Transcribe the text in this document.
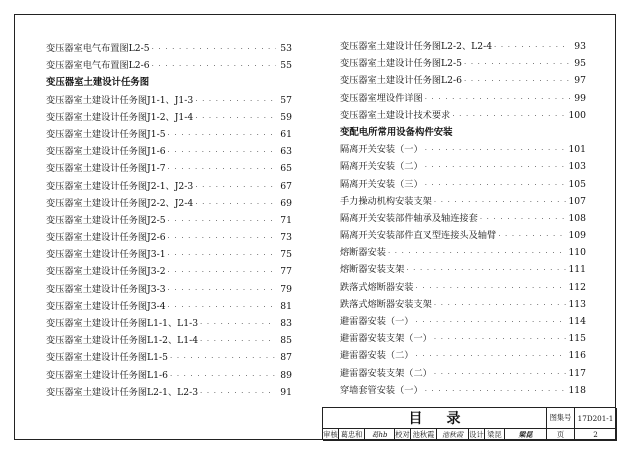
变压器室电气布置图L2-5 · · ·	53
变压器室电气布置图L2-6 · · ·	55
变压器室土建设计任务图
变压器室土建设计任务图J1-1、J1-3 · · ·	57
变压器室土建设计任务图J1-2、J1-4 · · ·	59
变压器室土建设计任务图J1-5 · · ·	61
变压器室土建设计任务图J1-6 · · ·	63
变压器室土建设计任务图J1-7 · · ·	65
变压器室土建设计任务图J2-1、J2-3 · · ·	67
变压器室土建设计任务图J2-2、J2-4 · · ·	69
变压器室土建设计任务图J2-5 · · ·	71
变压器室土建设计任务图J2-6 · · ·	73
变压器室土建设计任务图J3-1 · · ·	75
变压器室土建设计任务图J3-2 · · ·	77
变压器室土建设计任务图J3-3 · · ·	79
变压器室土建设计任务图J3-4 · · ·	81
变压器室土建设计任务图L1-1、L1-3 · · ·	83
变压器室土建设计任务图L1-2、L1-4 · · ·	85
变压器室土建设计任务图L1-5 · · ·	87
变压器室土建设计任务图L1-6 · · ·	89
变压器室土建设计任务图L2-1、L2-3 · · ·	91
变压器室土建设计任务图L2-2、L2-4 · · ·	93
变压器室土建设计任务图L2-5 · · ·	95
变压器室土建设计任务图L2-6 · · ·	97
变压器室埋设件详图 · · ·	99
变压器室土建设计技术要求 · · ·	100
变配电所常用设备构件安装
隔离开关安装（一） · · ·	101
隔离开关安装（二） · · ·	103
隔离开关安装（三） · · ·	105
手力操动机构安装支架 · · ·	107
隔离开关安装部件轴承及轴连接套 · · ·	108
隔离开关安装部件直叉型连接头及轴臂 · · ·	109
熔断器安装 · · ·	110
熔断器安装支架 · · ·	111
跌落式熔断器安装 · · ·	112
跌落式熔断器安装支架 · · ·	113
避雷器安装（一） · · ·	114
避雷器安装支架（一） · · ·	115
避雷器安装（二） · · ·	116
避雷器安装支架（二） · · ·	117
穿墙套管安装（一） · · ·	118
目录	图集号 17D201-1
审核 葛忠和	葛hb	校对 池秋霞	池秋霞 设计 梁昆	梁昆	页	2
